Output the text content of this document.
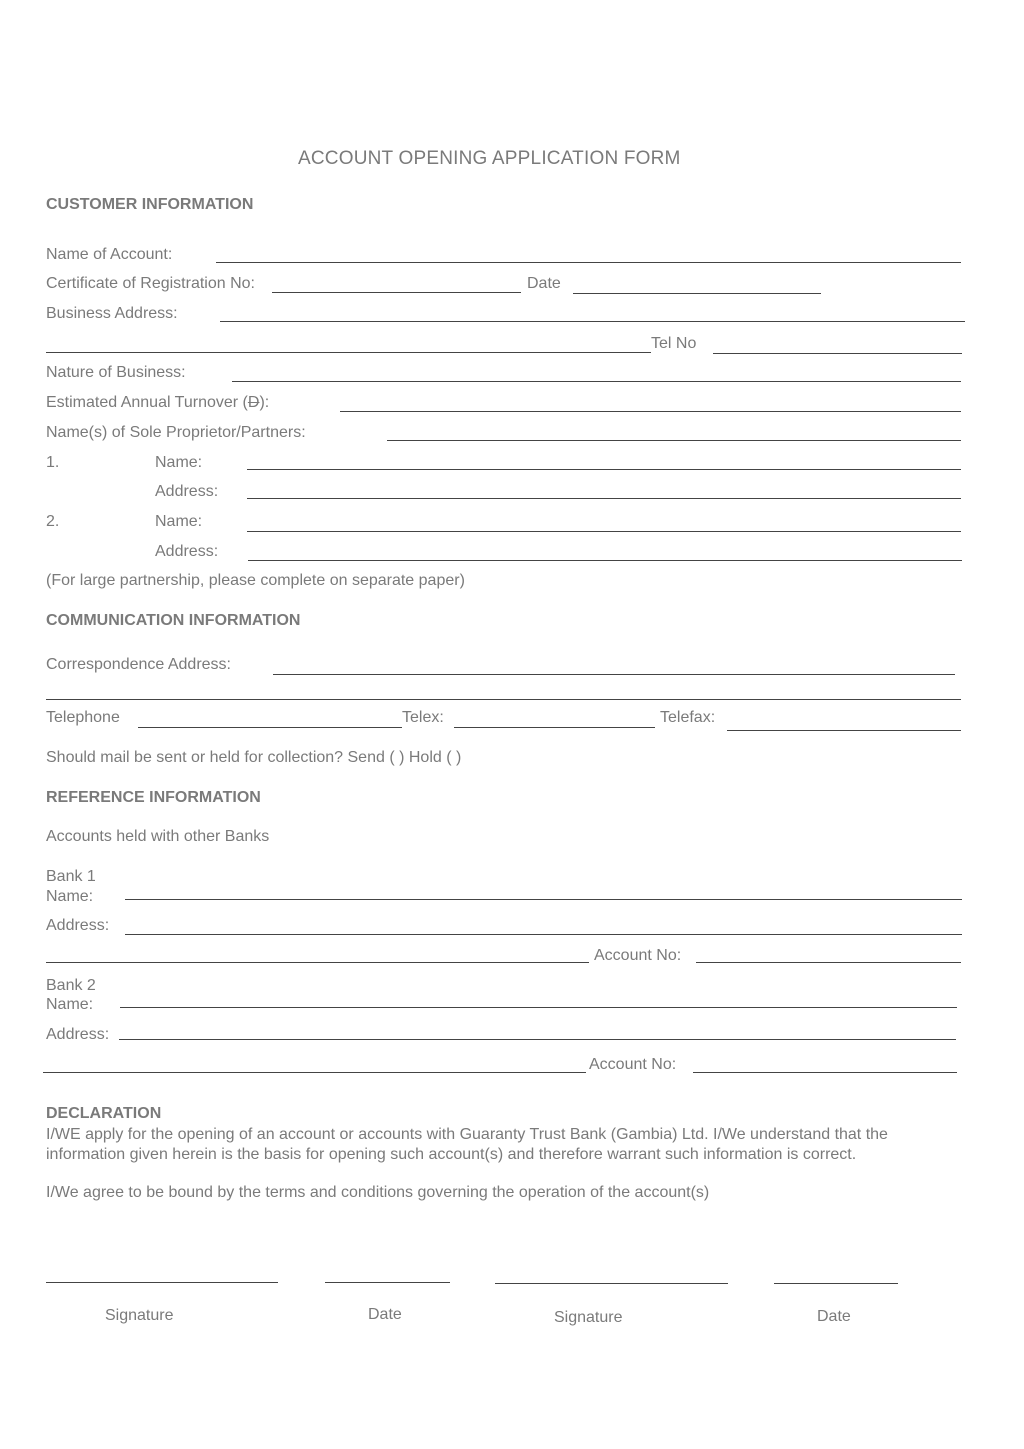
ACCOUNT OPENING APPLICATION FORM
CUSTOMER INFORMATION
Name of Account:
Certificate of Registration No:	Date
Business Address:
Tel No
Nature of Business:
Estimated Annual Turnover (D):
Name(s) of Sole Proprietor/Partners:
1.	Name:
Address:
2.	Name:
Address:
(For large partnership, please complete on separate paper)
COMMUNICATION INFORMATION
Correspondence Address:
Telephone	Telex:	Telefax:
Should mail be sent or held for collection? Send ( ) Hold ( )
REFERENCE INFORMATION
Accounts held with other Banks
Bank 1
Name:
Address:
Account No:
Bank 2
Name:
Address:
Account No:
DECLARATION
I/WE apply for the opening of an account or accounts with Guaranty Trust Bank (Gambia) Ltd. I/We understand that the information given herein is the basis for opening such account(s) and therefore warrant such information is correct.
I/We agree to be bound by the terms and conditions governing the operation of the account(s)
Signature	Date	Signature	Date
